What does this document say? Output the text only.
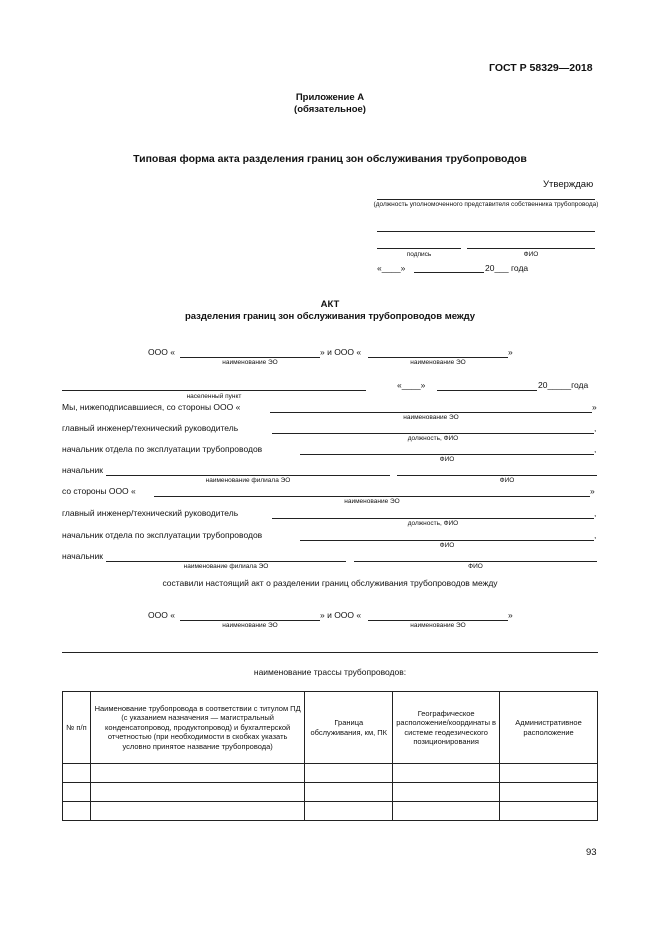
ГОСТ Р 58329—2018
Приложение А
(обязательное)
Типовая форма акта разделения границ зон обслуживания трубопроводов
Утверждаю
(должность уполномоченного представителя собственника трубопровода)
подпись	ФИО
«____»	20___ года
АКТ
разделения границ зон обслуживания трубопроводов между
ООО «	» и ООО «	»
наименование ЭО	наименование ЭО
населенный пункт
«____»	20_____года
Мы, нижеподписавшиеся, со стороны ООО «	»
наименование ЭО
главный инженер/технический руководитель	,
должность, ФИО
начальник отдела по эксплуатации трубопроводов	,
ФИО
начальник
наименование филиала ЭО	ФИО
со стороны ООО «	»
наименование ЭО
главный инженер/технический руководитель	,
должность, ФИО
начальник отдела по эксплуатации трубопроводов	,
ФИО
начальник
наименование филиала ЭО	ФИО
составили настоящий акт о разделении границ обслуживания трубопроводов между
ООО «	» и ООО «	»
наименование ЭО	наименование ЭО
наименование трассы трубопроводов:
№ п/п	Наименование трубопровода в соответствии с титулом ПД (с указанием назначения — магистральный конденсатопровод, продуктопровод) и бухгалтерской отчетностью (при необходимости в скобках указать условно принятое название трубопровода)	Граница обслуживания, км, ПК	Географическое расположение/координаты в системе геодезического позиционирования	Административное расположение

93
